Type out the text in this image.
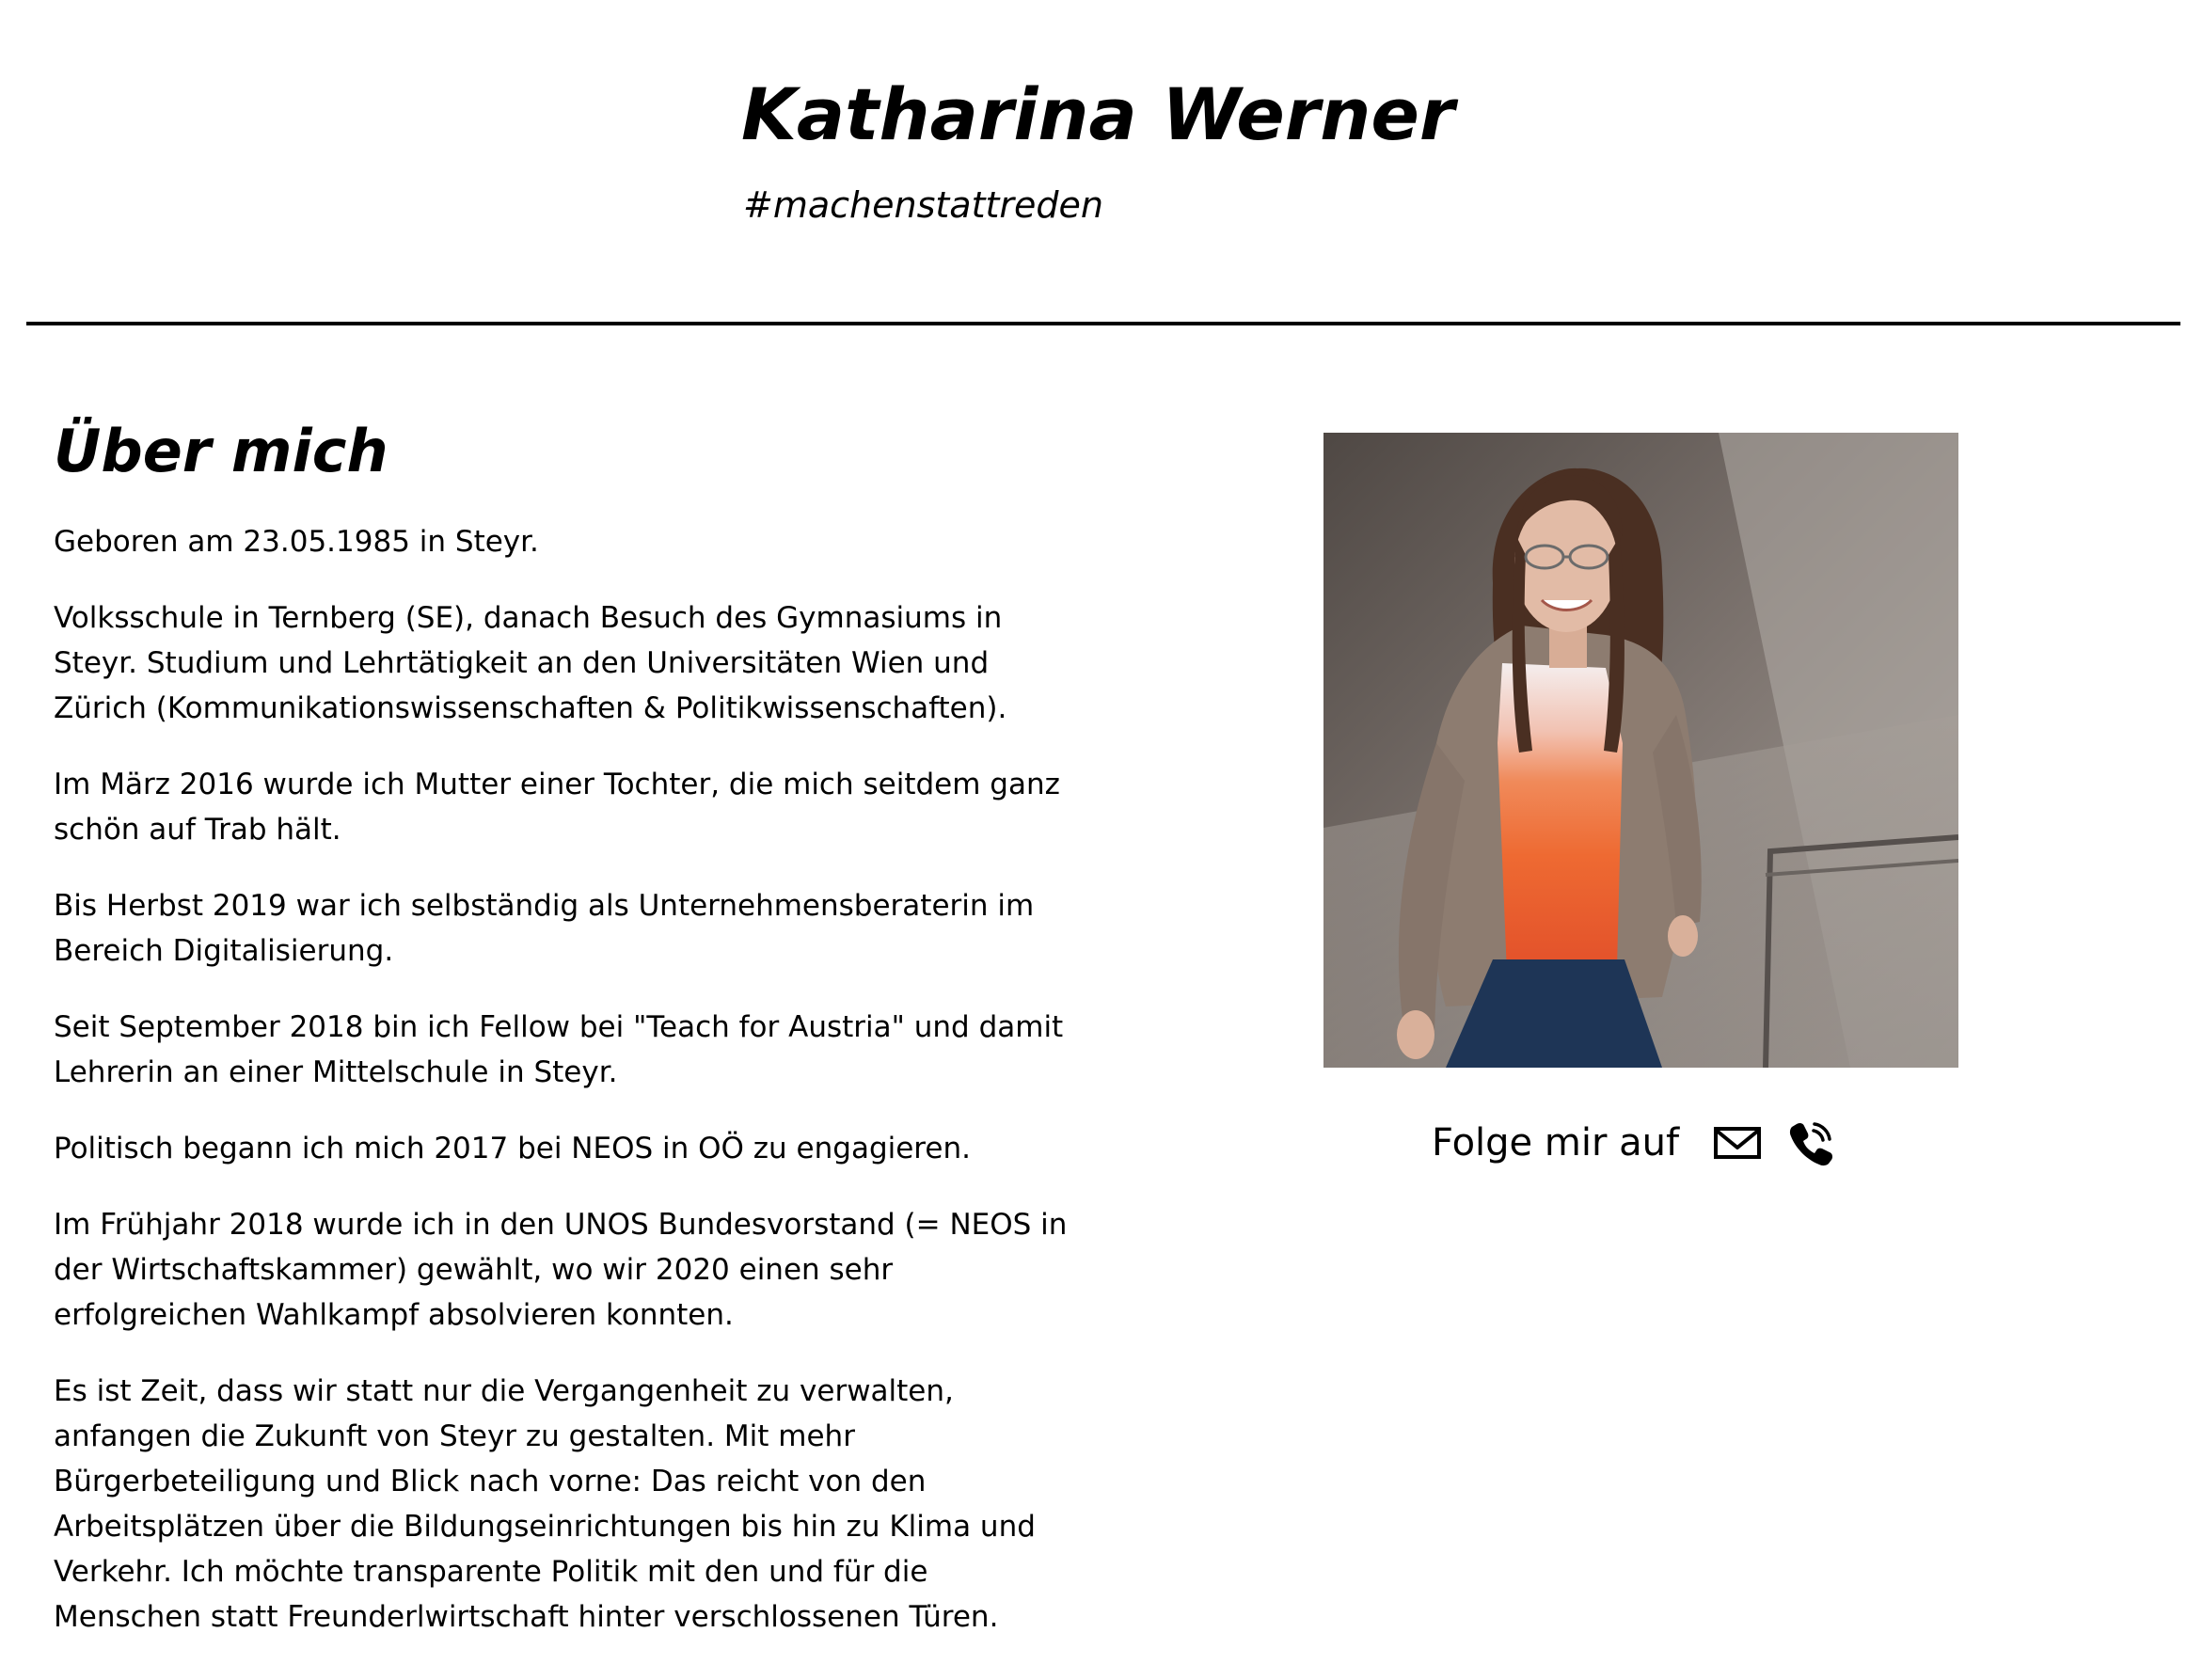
Katharina Werner
#machenstattreden
Über mich

Geboren am 23.05.1985 in Steyr.

Volksschule in Ternberg (SE), danach Besuch des Gymnasiums in Steyr. Studium und Lehrtätigkeit an den Universitäten Wien und Zürich (Kommunikationswissenschaften & Politikwissenschaften).

Im März 2016 wurde ich Mutter einer Tochter, die mich seitdem ganz schön auf Trab hält.

Bis Herbst 2019 war ich selbständig als Unternehmensberaterin im Bereich Digitalisierung.

Seit September 2018 bin ich Fellow bei "Teach for Austria" und damit Lehrerin an einer Mittelschule in Steyr.

Politisch begann ich mich 2017 bei NEOS in OÖ zu engagieren.

Im Frühjahr 2018 wurde ich in den UNOS Bundesvorstand (= NEOS in der Wirtschaftskammer) gewählt, wo wir 2020 einen sehr erfolgreichen Wahlkampf absolvieren konnten.

Es ist Zeit, dass wir statt nur die Vergangenheit zu verwalten, anfangen die Zukunft von Steyr zu gestalten. Mit mehr Bürgerbeteiligung und Blick nach vorne: Das reicht von den Arbeitsplätzen über die Bildungseinrichtungen bis hin zu Klima und Verkehr. Ich möchte transparente Politik mit den und für die Menschen statt Freunderlwirtschaft hinter verschlossenen Türen.

Folge mir auf
